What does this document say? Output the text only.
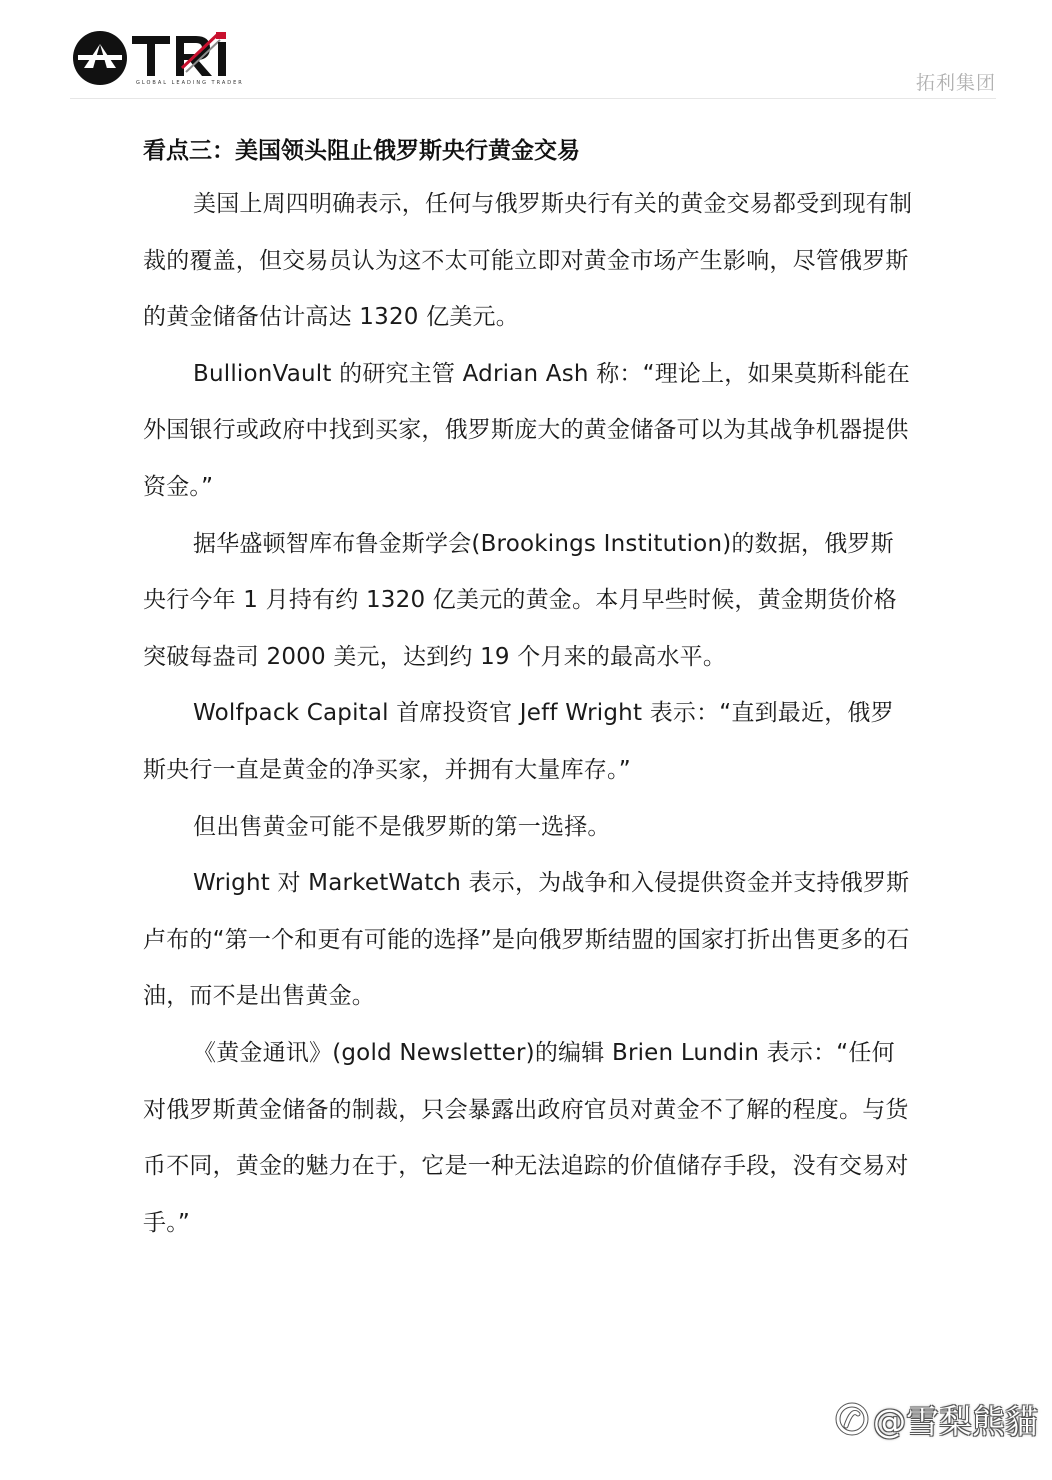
GLOBAL LEADING TRADER	拓利集团
看点三：美国领头阻止俄罗斯央行黄金交易

美国上周四明确表示，任何与俄罗斯央行有关的黄金交易都受到现有制裁的覆盖，但交易员认为这不太可能立即对黄金市场产生影响，尽管俄罗斯的黄金储备估计高达 1320 亿美元。

BullionVault 的研究主管 Adrian Ash 称：“理论上，如果莫斯科能在外国银行或政府中找到买家，俄罗斯庞大的黄金储备可以为其战争机器提供资金。”

据华盛顿智库布鲁金斯学会(Brookings Institution)的数据，俄罗斯央行今年 1 月持有约 1320 亿美元的黄金。本月早些时候，黄金期货价格突破每盎司 2000 美元，达到约 19 个月来的最高水平。

Wolfpack Capital 首席投资官 Jeff Wright 表示：“直到最近，俄罗斯央行一直是黄金的净买家，并拥有大量库存。”

但出售黄金可能不是俄罗斯的第一选择。

Wright 对 MarketWatch 表示，为战争和入侵提供资金并支持俄罗斯卢布的“第一个和更有可能的选择”是向俄罗斯结盟的国家打折出售更多的石油，而不是出售黄金。

《黄金通讯》(gold Newsletter)的编辑 Brien Lundin 表示：“任何对俄罗斯黄金储备的制裁，只会暴露出政府官员对黄金不了解的程度。与货币不同，黄金的魅力在于，它是一种无法追踪的价值储存手段，没有交易对手。”

@雪梨熊貓
